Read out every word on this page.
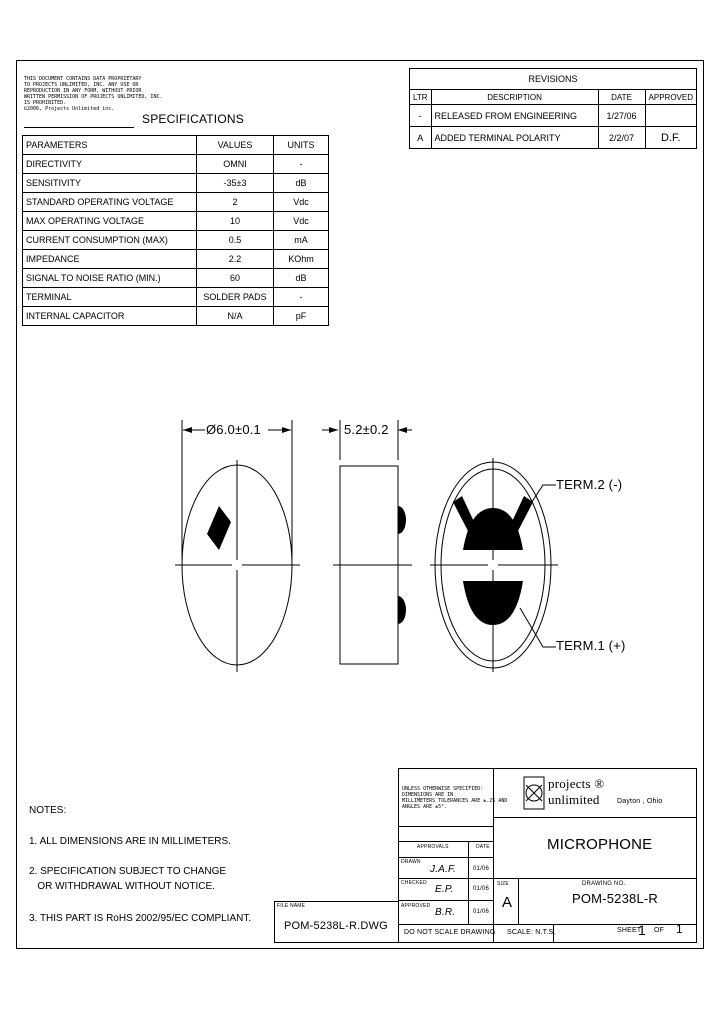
THIS DOCUMENT CONTAINS DATA PROPRIETARY
TO PROJECTS UNLIMITED, INC. ANY USE OR
REPRODUCTION IN ANY FORM, WITHOUT PRIOR
WRITTEN PERMISSION OF PROJECTS UNLIMITED, INC.
IS PROHIBITED.
©2006, Projects Unlimited inc.
SPECIFICATIONS
PARAMETERS	VALUES	UNITS
DIRECTIVITY	OMNI	-
SENSITIVITY	-35±3	dB
STANDARD OPERATING VOLTAGE	2	Vdc
MAX OPERATING VOLTAGE	10	Vdc
CURRENT CONSUMPTION (MAX)	0.5	mA
IMPEDANCE	2.2	KOhm
SIGNAL TO NOISE RATIO (MIN.)	60	dB
TERMINAL	SOLDER PADS	-
INTERNAL CAPACITOR	N/A	pF
REVISIONS			
LTR	DESCRIPTION	DATE	APPROVED
-	RELEASED FROM ENGINEERING	1/27/06	
A	ADDED TERMINAL POLARITY	2/2/07	D.F.
Ø6.0±0.1	5.2±0.2
TERM.2 (-)
TERM.1 (+)
NOTES:
1. ALL DIMENSIONS ARE IN MILLIMETERS.
2. SPECIFICATION SUBJECT TO CHANGE
OR WITHDRAWAL WITHOUT NOTICE.
3. THIS PART IS RoHS 2002/95/EC COMPLIANT.
UNLESS OTHERWISE SPECIFIED:
DIMENSIONS ARE IN
MILLIMETERS TOLERANCES ARE ±.25 AND
ANGLES ARE ±5°.
projects ®
unlimited Dayton , Ohio
MICROPHONE
APPROVALS	DATE
DRAWN
J.A.F.	01/06
CHECKED
E.P.	01/06
APPROVED
B.R.	01/06
SIZE
A
DRAWING NO.
POM-5238L-R
DO NOT SCALE DRAWING SCALE: N.T.S.	SHEET
1 OF 1
FILE NAME
POM-5238L-R.DWG
